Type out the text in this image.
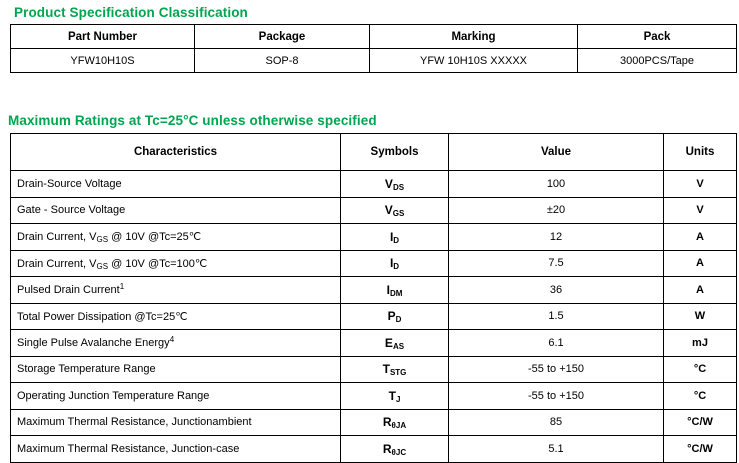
Product Specification Classification
Part Number	Package	Marking	Pack
YFW10H10S	SOP-8	YFW 10H10S XXXXX	3000PCS/Tape
Maximum Ratings at Tc=25°C unless otherwise specified
Characteristics	Symbols	Value	Units
Drain-Source Voltage	$V_{DS}$	100	V
Gate - Source Voltage	$V_{GS}$	±20	V
Drain Current, $V_{GS}$ @ 10V @Tc=25℃	$I_D$	12	A
Drain Current, $V_{GS}$ @ 10V @Tc=100℃	$I_D$	7.5	A
Pulsed Drain Current$^1$	$I_{DM}$	36	A
Total Power Dissipation @Tc=25℃	$P_D$	1.5	W
Single Pulse Avalanche Energy$^4$	$E_{AS}$	6.1	mJ
Storage Temperature Range	$T_{STG}$	-55 to +150	°C
Operating Junction Temperature Range	$T_J$	-55 to +150	°C
Maximum Thermal Resistance, Junctionambient	$R_{\theta JA}$	85	°C/W
Maximum Thermal Resistance, Junction-case	$R_{\theta JC}$	5.1	°C/W
